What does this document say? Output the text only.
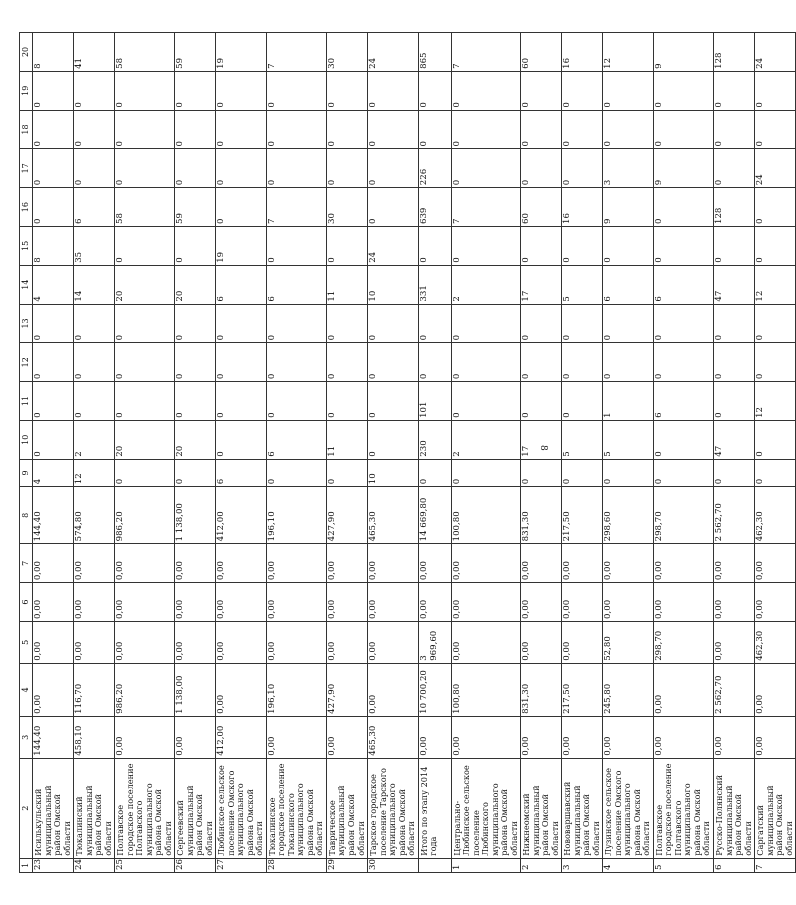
8
1	2	3	4	5	6	7	8	9	10	11	12	13	14	15	16	17	18	19	20
23	Исилькульский муниципальный район Омской области	144,40	0,00	0,00	0,00	0,00	144,40	4	0	0	0	0	4	8	0	0	0	0	8
24	Тюкалинский муниципальный район Омской области	458,10	116,70	0,00	0,00	0,00	574,80	12	2	0	0	0	14	35	6	0	0	0	41
25	Полтавское городское поселение Полтавского муниципального района Омской области	0,00	986,20	0,00	0,00	0,00	986,20	0	20	0	0	0	20	0	58	0	0	0	58
26	Сергеевский муниципальный район Омской области	0,00	1 138,00	0,00	0,00	0,00	1 138,00	0	20	0	0	0	20	0	59	0	0	0	59
27	Любинское сельское поселение Омского муниципального района Омской области	412,00	0,00	0,00	0,00	0,00	412,00	6	0	0	0	0	6	19	0	0	0	0	19
28	Тюкалинское городское поселение Тюкалинского муниципального района Омской области	0,00	196,10	0,00	0,00	0,00	196,10	0	6	0	0	0	6	0	7	0	0	0	7
29	Таврическое муниципальный район Омской области	0,00	427,90	0,00	0,00	0,00	427,90	0	11	0	0	0	11	0	30	0	0	0	30
30	Тарское городское поселение Тарского муниципального района Омской области	465,30	0,00	0,00	0,00	0,00	465,30	10	0	0	0	0	10	24	0	0	0	0	24
	Итого по этапу 2014 года	0,00	10 700,20	3 969,60	0,00	0,00	14 669,80	0	230	101	0	0	331	0	639	226	0	0	865
1	Центрально-Любинское сельское поселение Любинского муниципального района Омской области	0,00	100,80	0,00	0,00	0,00	100,80	0	2	0	0	0	2	0	7	0	0	0	7
2	Нижнеомский муниципальный район Омской области	0,00	831,30	0,00	0,00	0,00	831,30	0	17	0	0	0	17	0	60	0	0	0	60
3	Нововаршавский муниципальный район Омской области	0,00	217,50	0,00	0,00	0,00	217,50	0	5	0	0	0	5	0	16	0	0	0	16
4	Лузинское сельское поселение Омского муниципального района Омской области	0,00	245,80	52,80	0,00	0,00	298,60	0	5	1	0	0	6	0	9	3	0	0	12
5	Полтавское городское поселение Полтавского муниципального района Омской области	0,00	0,00	298,70	0,00	0,00	298,70	0	0	6	0	0	6	0	0	9	0	0	9
6	Русско-Полянский муниципальный район Омской области	0,00	2 562,70	0,00	0,00	0,00	2 562,70	0	47	0	0	0	47	0	128	0	0	0	128
7	Саргатский муниципальный район Омской области	0,00	0,00	462,30	0,00	0,00	462,30	0	0	12	0	0	12	0	0	24	0	0	24
